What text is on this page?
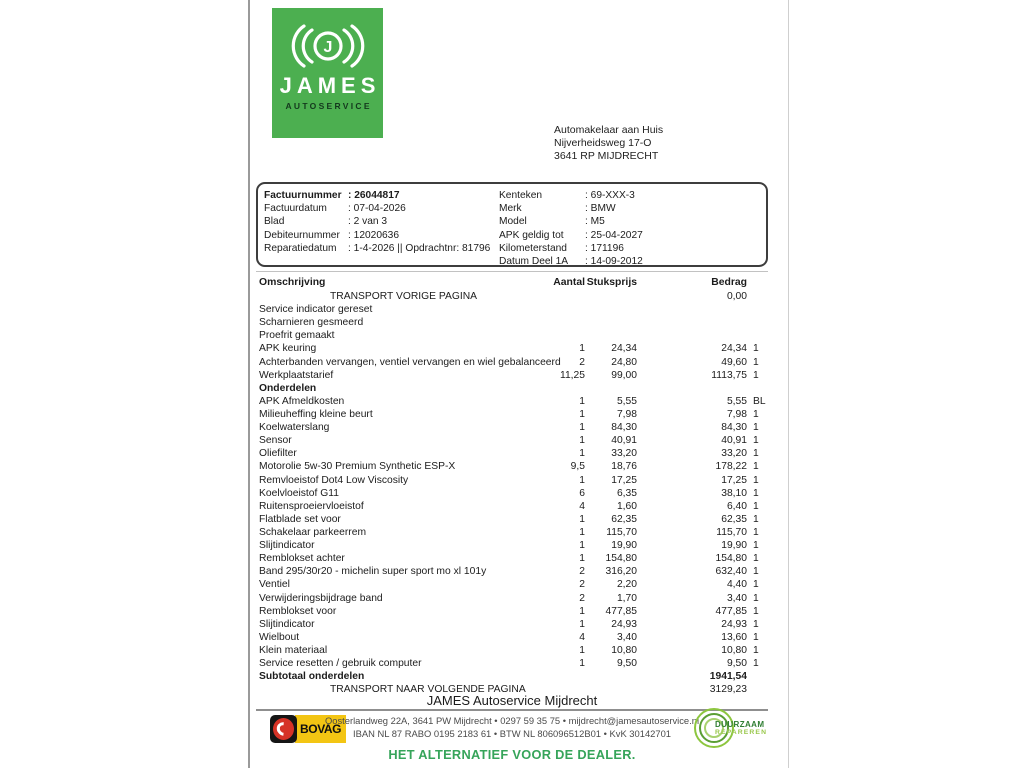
J
JAMES
AUTOSERVICE
Automakelaar aan Huis
Nijverheidsweg 17-O
3641 RP MIJDRECHT
Factuurnummer : 26044817
Factuurdatum	: 07-04-2026
Blad	: 2 van 3
Debiteurnummer : 12020636
Reparatiedatum	: 1-4-2026 || Opdrachtnr: 81796
Kenteken	: 69-XXX-3
Merk	: BMW
Model	: M5
APK geldig tot	: 25-04-2027
Kilometerstand	: 171196
Datum Deel 1A	: 14-09-2012
Omschrijving	Aantal Stuksprijs	Bedrag
TRANSPORT VORIGE PAGINA	0,00
Service indicator gereset
Scharnieren gesmeerd
Proefrit gemaakt
APK keuring	1	24,34	24,34 1
Achterbanden vervangen, ventiel vervangen en wiel gebalanceerd	2	24,80	49,60 1
Werkplaatstarief	11,25	99,00	1113,75 1
Onderdelen
APK Afmeldkosten	1	5,55	5,55 BL
Milieuheffing kleine beurt	1	7,98	7,98 1
Koelwaterslang	1	84,30	84,30 1
Sensor	1	40,91	40,91 1
Oliefilter	1	33,20	33,20 1
Motorolie 5w-30 Premium Synthetic ESP-X	9,5	18,76	178,22 1
Remvloeistof Dot4 Low Viscosity	1	17,25	17,25 1
Koelvloeistof G11	6	6,35	38,10 1
Ruitensproeiervloeistof	4	1,60	6,40 1
Flatblade set voor	1	62,35	62,35 1
Schakelaar parkeerrem	1	115,70	115,70 1
Slijtindicator	1	19,90	19,90 1
Remblokset achter	1	154,80	154,80 1
Band 295/30r20 - michelin super sport mo xl 101y	2	316,20	632,40 1
Ventiel	2	2,20	4,40 1
Verwijderingsbijdrage band	2	1,70	3,40 1
Remblokset voor	1	477,85	477,85 1
Slijtindicator	1	24,93	24,93 1
Wielbout	4	3,40	13,60 1
Klein materiaal	1	10,80	10,80 1
Service resetten / gebruik computer	1	9,50	9,50 1
Subtotaal onderdelen	1941,54
TRANSPORT NAAR VOLGENDE PAGINA	3129,23
JAMES Autoservice Mijdrecht
BOVAG
Oosterlandweg 22A, 3641 PW Mijdrecht • 0297 59 35 75 • mijdrecht@jamesautoservice.nl
IBAN NL 87 RABO 0195 2183 61 • BTW NL 806096512B01 • KvK 30142701
DUURZAAM
REPAREREN
HET ALTERNATIEF VOOR DE DEALER.
